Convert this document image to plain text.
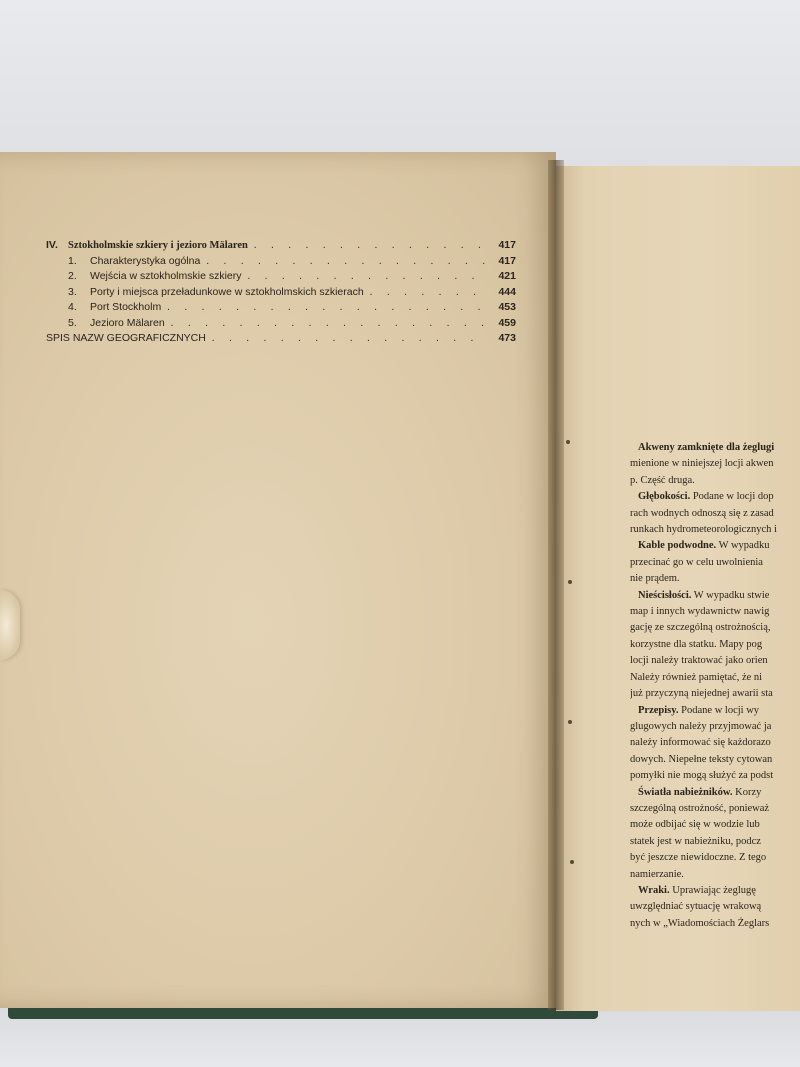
IV. Sztokholmskie szkiery i jezioro Mälaren . . .	417
1.	Charakterystyka ogólna . . .	417
2.	Wejścia w sztokholmskie szkiery . . .	421
3.	Porty i miejsca przeładunkowe w sztokholmskich szkierach . . .	444
4.	Port Stockholm . . .	453
5.	Jezioro Mälaren . . .	459
SPIS NAZW GEOGRAFICZNYCH . . .	473
Akweny zamknięte dla żeglugi
mienione w niniejszej locji akwen
p. Część druga.
Głębokości. Podane w locji dop
rach wodnych odnoszą się z zasad
runkach hydrometeorologicznych i
Kable podwodne. W wypadku
przecinać go w celu uwolnienia
nie prądem.
Nieścisłości. W wypadku stwie
map i innych wydawnictw nawig
gację ze szczególną ostrożnością,
korzystne dla statku. Mapy pog
locji należy traktować jako orien
Należy również pamiętać, że ni
już przyczyną niejednej awarii sta
Przepisy. Podane w locji wy
glugowych należy przyjmować ja
należy informować się każdorazo
dowych. Niepełne teksty cytowan
pomyłki nie mogą służyć za podst
Światła nabieżników. Korzy
szczególną ostrożność, ponieważ
może odbijać się w wodzie lub
statek jest w nabieżniku, podcz
być jeszcze niewidoczne. Z tego
namierzanie.
Wraki. Uprawiając żeglugę
uwzględniać sytuację wrakową
nych w „Wiadomościach Żeglars
